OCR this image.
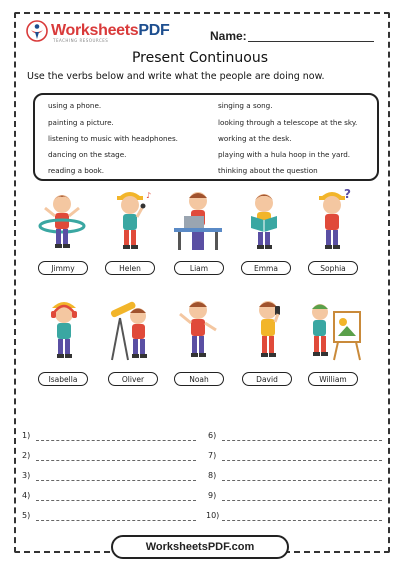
WorksheetsPDF
TEACHING RESOURCES	Name:
Present Continuous
Use the verbs below and write what the people are doing now.
using a phone.
painting a picture.
listening to music with headphones.
dancing on the stage.
reading a book.
singing a song.
looking through a telescope at the sky.
working at the desk.
playing with a hula hoop in the yard.
thinking about the question
♪	?
Jimmy	Helen	Liam	Emma	Sophia
Isabella	Oliver	Noah	David	William
1)
2)
3)
4)
5)
6)
7)
8)
9)
10)
WorksheetsPDF.com
